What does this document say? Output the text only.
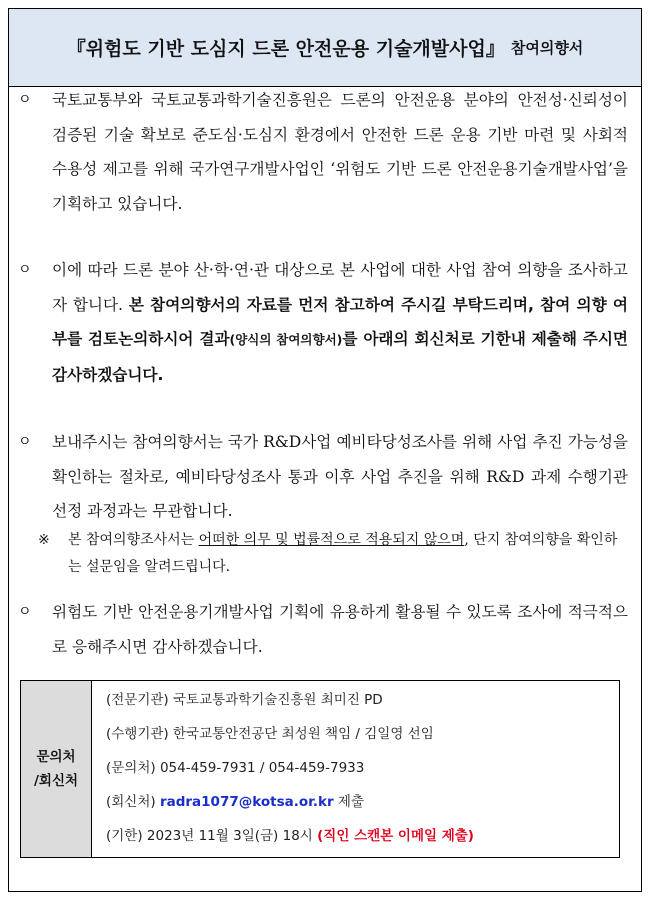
『위험도 기반 도심지 드론 안전운용 기술개발사업』 참여의향서
ㅇ 국토교통부와 국토교통과학기술진흥원은 드론의 안전운용 분야의 안전성·신뢰성이 검증된 기술 확보로 준도심·도심지 환경에서 안전한 드론 운용 기반 마련 및 사회적 수용성 제고를 위해 국가연구개발사업인 ‘위험도 기반 드론 안전운용기술개발사업’을 기획하고 있습니다.
ㅇ 이에 따라 드론 분야 산·학·연·관 대상으로 본 사업에 대한 사업 참여 의향을 조사하고자 합니다. 본 참여의향서의 자료를 먼저 참고하여 주시길 부탁드리며, 참여 의향 여부를 검토논의하시어 결과(양식의 참여의향서)를 아래의 회신처로 기한내 제출해 주시면 감사하겠습니다.
ㅇ 보내주시는 참여의향서는 국가 R&D사업 예비타당성조사를 위해 사업 추진 가능성을 확인하는 절차로, 예비타당성조사 통과 이후 사업 추진을 위해 R&D 과제 수행기관 선정 과정과는 무관합니다.
※ 본 참여의향조사서는 어떠한 의무 및 법률적으로 적용되지 않으며, 단지 참여의향을 확인하는 설문임을 알려드립니다.
ㅇ 위험도 기반 안전운용기개발사업 기획에 유용하게 활용될 수 있도록 조사에 적극적으로 응해주시면 감사하겠습니다.
문의처
/회신처
(전문기관) 국토교통과학기술진흥원 최미진 PD
(수행기관) 한국교통안전공단 최성원 책임 / 김일영 선임
(문의처) 054-459-7931 / 054-459-7933
(회신처) radra1077@kotsa.or.kr 제출
(기한) 2023년 11월 3일(금) 18시 (직인 스캔본 이메일 제출)
